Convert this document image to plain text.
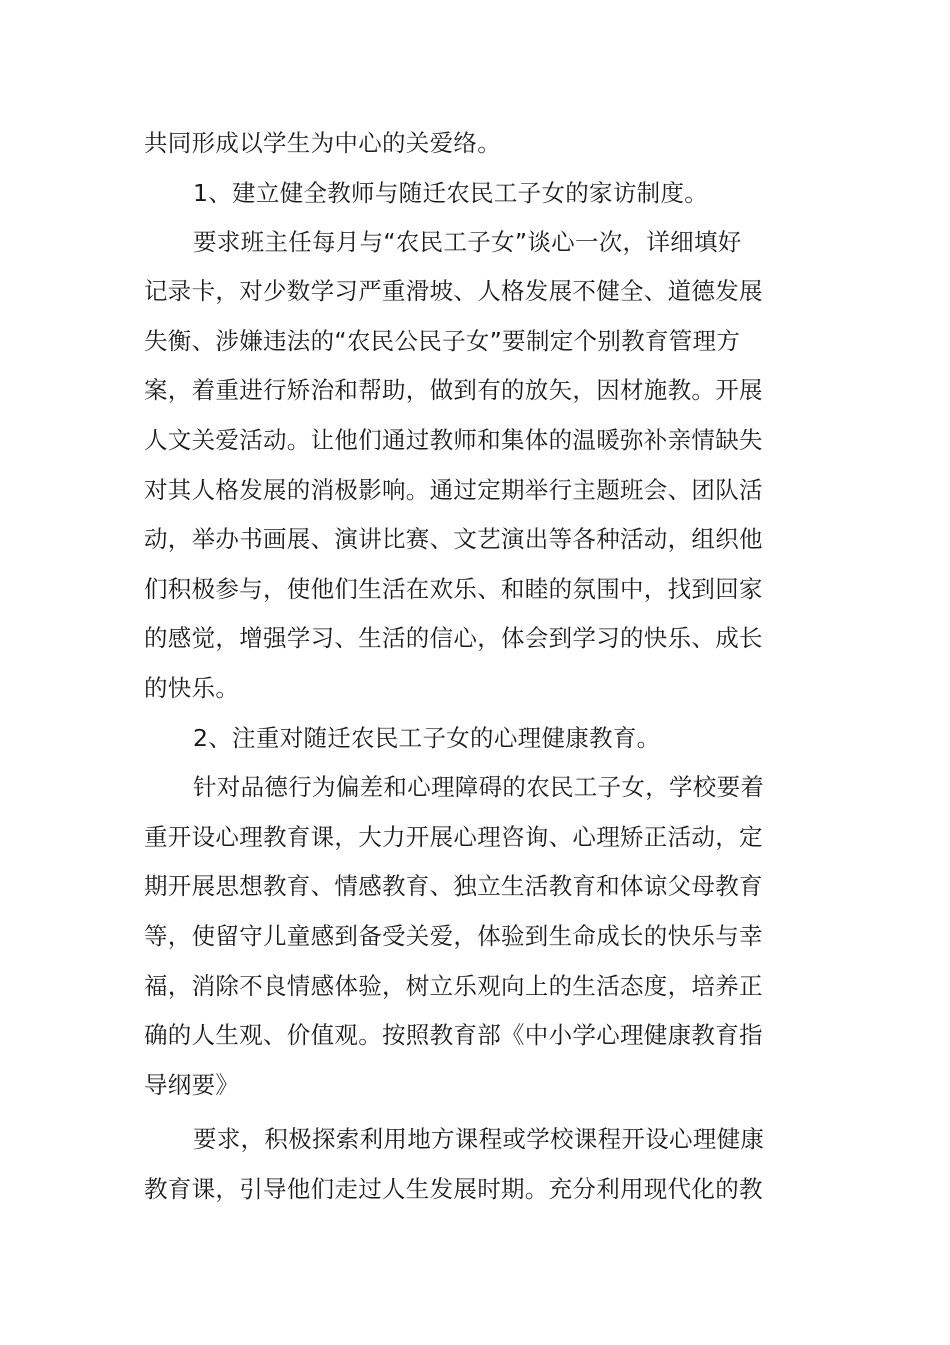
共同形成以学生为中心的关爱络。
1、建立健全教师与随迁农民工子女的家访制度。
要求班主任每月与“农民工子女”谈心一次，详细填好
记录卡，对少数学习严重滑坡、人格发展不健全、道德发展
失衡、涉嫌违法的“农民公民子女”要制定个别教育管理方
案，着重进行矫治和帮助，做到有的放矢，因材施教。开展
人文关爱活动。让他们通过教师和集体的温暖弥补亲情缺失
对其人格发展的消极影响。通过定期举行主题班会、团队活
动，举办书画展、演讲比赛、文艺演出等各种活动，组织他
们积极参与，使他们生活在欢乐、和睦的氛围中，找到回家
的感觉，增强学习、生活的信心，体会到学习的快乐、成长
的快乐。
2、注重对随迁农民工子女的心理健康教育。
针对品德行为偏差和心理障碍的农民工子女，学校要着
重开设心理教育课，大力开展心理咨询、心理矫正活动，定
期开展思想教育、情感教育、独立生活教育和体谅父母教育
等，使留守儿童感到备受关爱，体验到生命成长的快乐与幸
福，消除不良情感体验，树立乐观向上的生活态度，培养正
确的人生观、价值观。按照教育部《中小学心理健康教育指
导纲要》
要求，积极探索利用地方课程或学校课程开设心理健康
教育课，引导他们走过人生发展时期。充分利用现代化的教
